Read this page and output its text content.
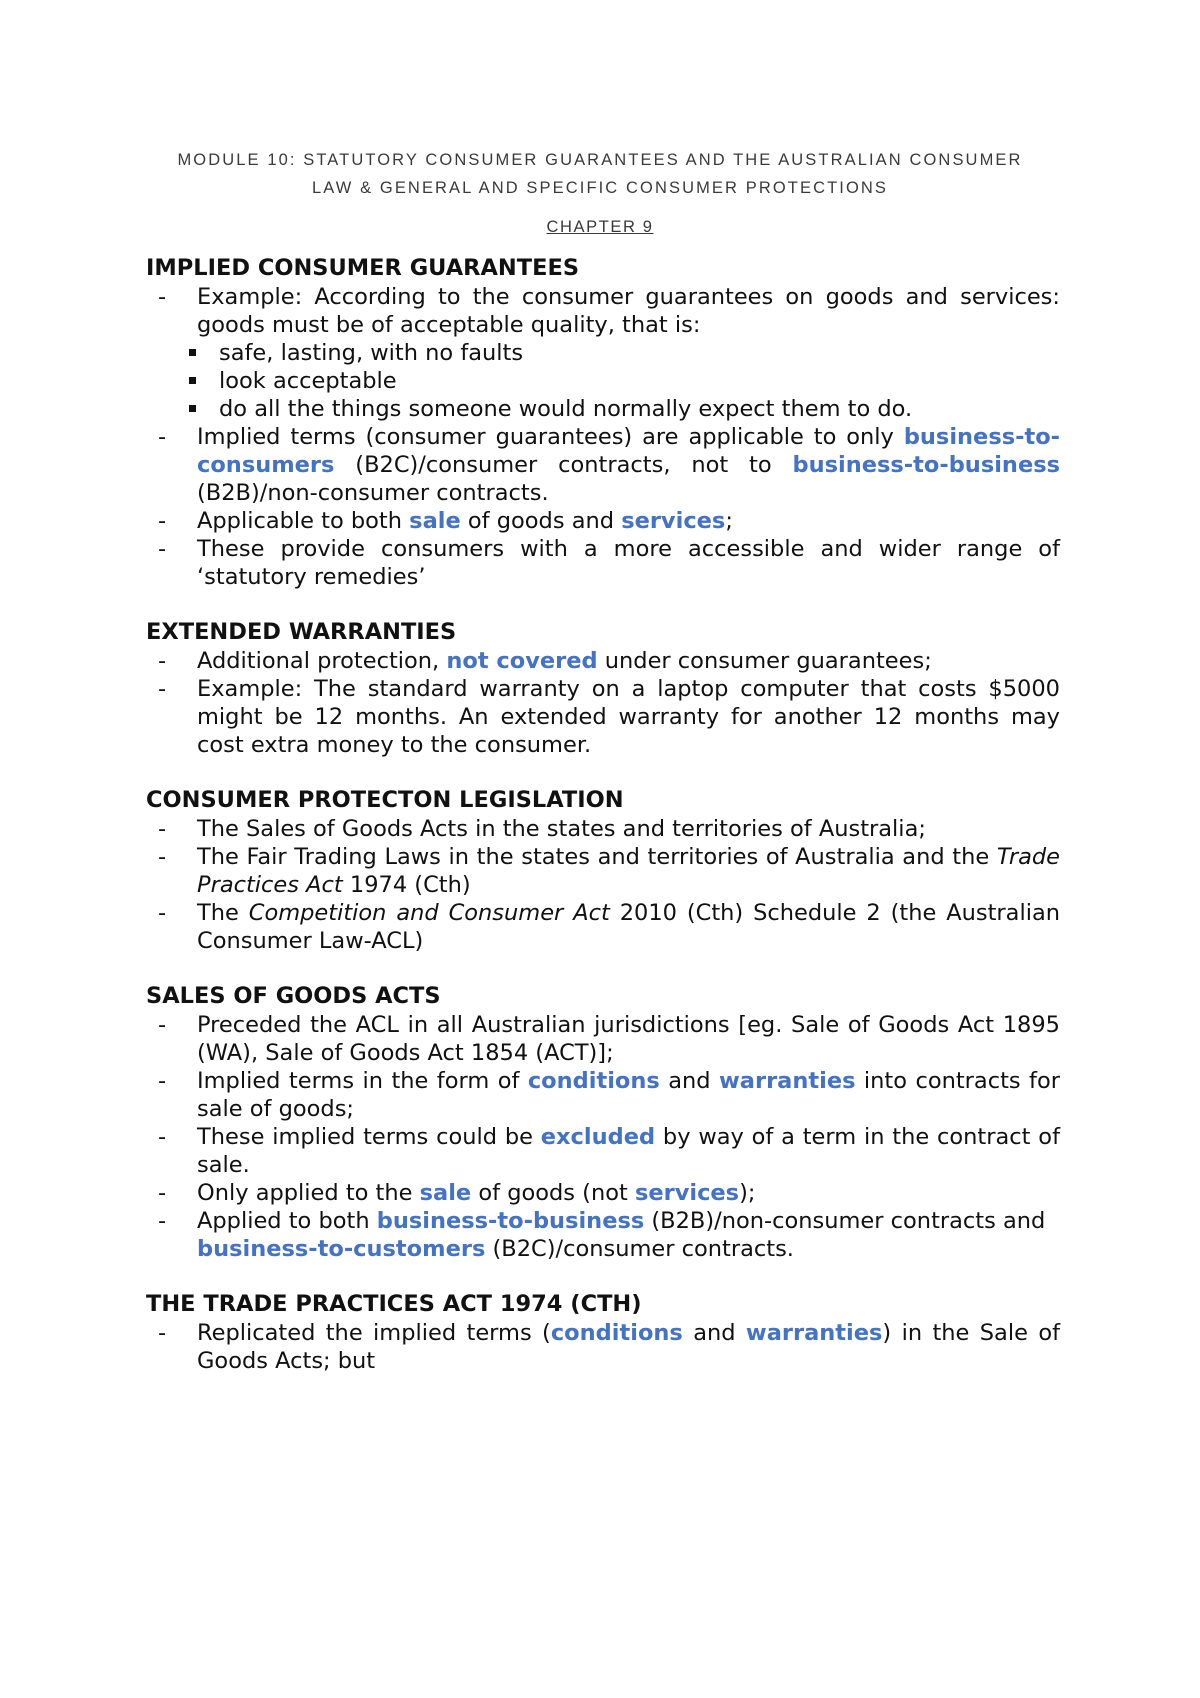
MODULE 10: STATUTORY CONSUMER GUARANTEES AND THE AUSTRALIAN CONSUMER
LAW & GENERAL AND SPECIFIC CONSUMER PROTECTIONS
CHAPTER 9
IMPLIED CONSUMER GUARANTEES
- Example: According to the consumer guarantees on goods and services: goods must be of acceptable quality, that is:
safe, lasting, with no faults
look acceptable
do all the things someone would normally expect them to do.
- Implied terms (consumer guarantees) are applicable to only business-to-consumers (B2C)/consumer contracts, not to business-to-business (B2B)/non-consumer contracts.
- Applicable to both sale of goods and services;
- These provide consumers with a more accessible and wider range of ‘statutory remedies’
EXTENDED WARRANTIES
- Additional protection, not covered under consumer guarantees;
- Example: The standard warranty on a laptop computer that costs $5000 might be 12 months. An extended warranty for another 12 months may cost extra money to the consumer.
CONSUMER PROTECTON LEGISLATION
- The Sales of Goods Acts in the states and territories of Australia;
- The Fair Trading Laws in the states and territories of Australia and the Trade Practices Act 1974 (Cth)
- The Competition and Consumer Act 2010 (Cth) Schedule 2 (the Australian Consumer Law-ACL)
SALES OF GOODS ACTS
- Preceded the ACL in all Australian jurisdictions [eg. Sale of Goods Act 1895 (WA), Sale of Goods Act 1854 (ACT)];
- Implied terms in the form of conditions and warranties into contracts for sale of goods;
- These implied terms could be excluded by way of a term in the contract of sale.
- Only applied to the sale of goods (not services);
- Applied to both business-to-business (B2B)/non-consumer contracts and business-to-customers (B2C)/consumer contracts.
THE TRADE PRACTICES ACT 1974 (CTH)
- Replicated the implied terms (conditions and warranties) in the Sale of Goods Acts; but
